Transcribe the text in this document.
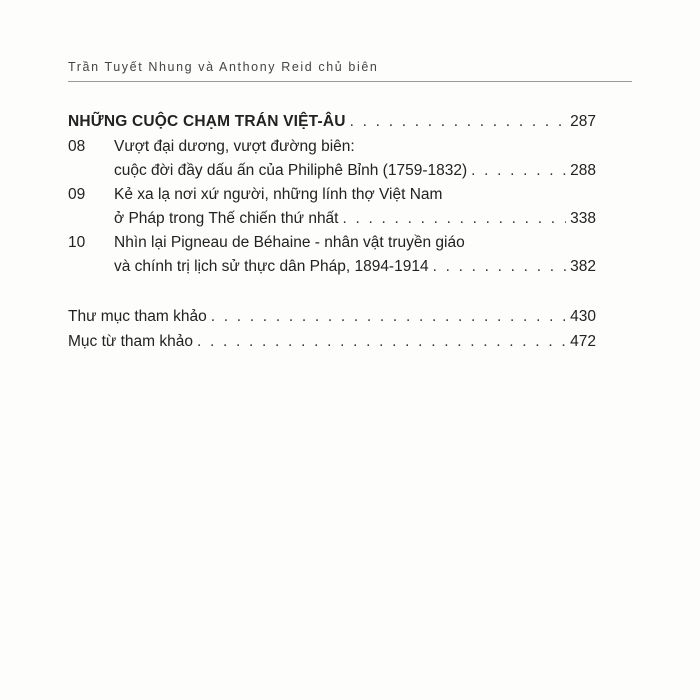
Trần Tuyết Nhung và Anthony Reid chủ biên
NHỮNG CUỘC CHẠM TRÁN VIỆT-ÂU . . .	287
08	Vượt đại dương, vượt đường biên:
cuộc đời đầy dấu ấn của Philiphê Bỉnh (1759-1832) . . .	288
09	Kẻ xa lạ nơi xứ người, những lính thợ Việt Nam
ở Pháp trong Thế chiến thứ nhất . . .	338
10	Nhìn lại Pigneau de Béhaine - nhân vật truyền giáo
và chính trị lịch sử thực dân Pháp, 1894-1914 . . .	382
Thư mục tham khảo . . .	430
Mục từ tham khảo . . .	472
